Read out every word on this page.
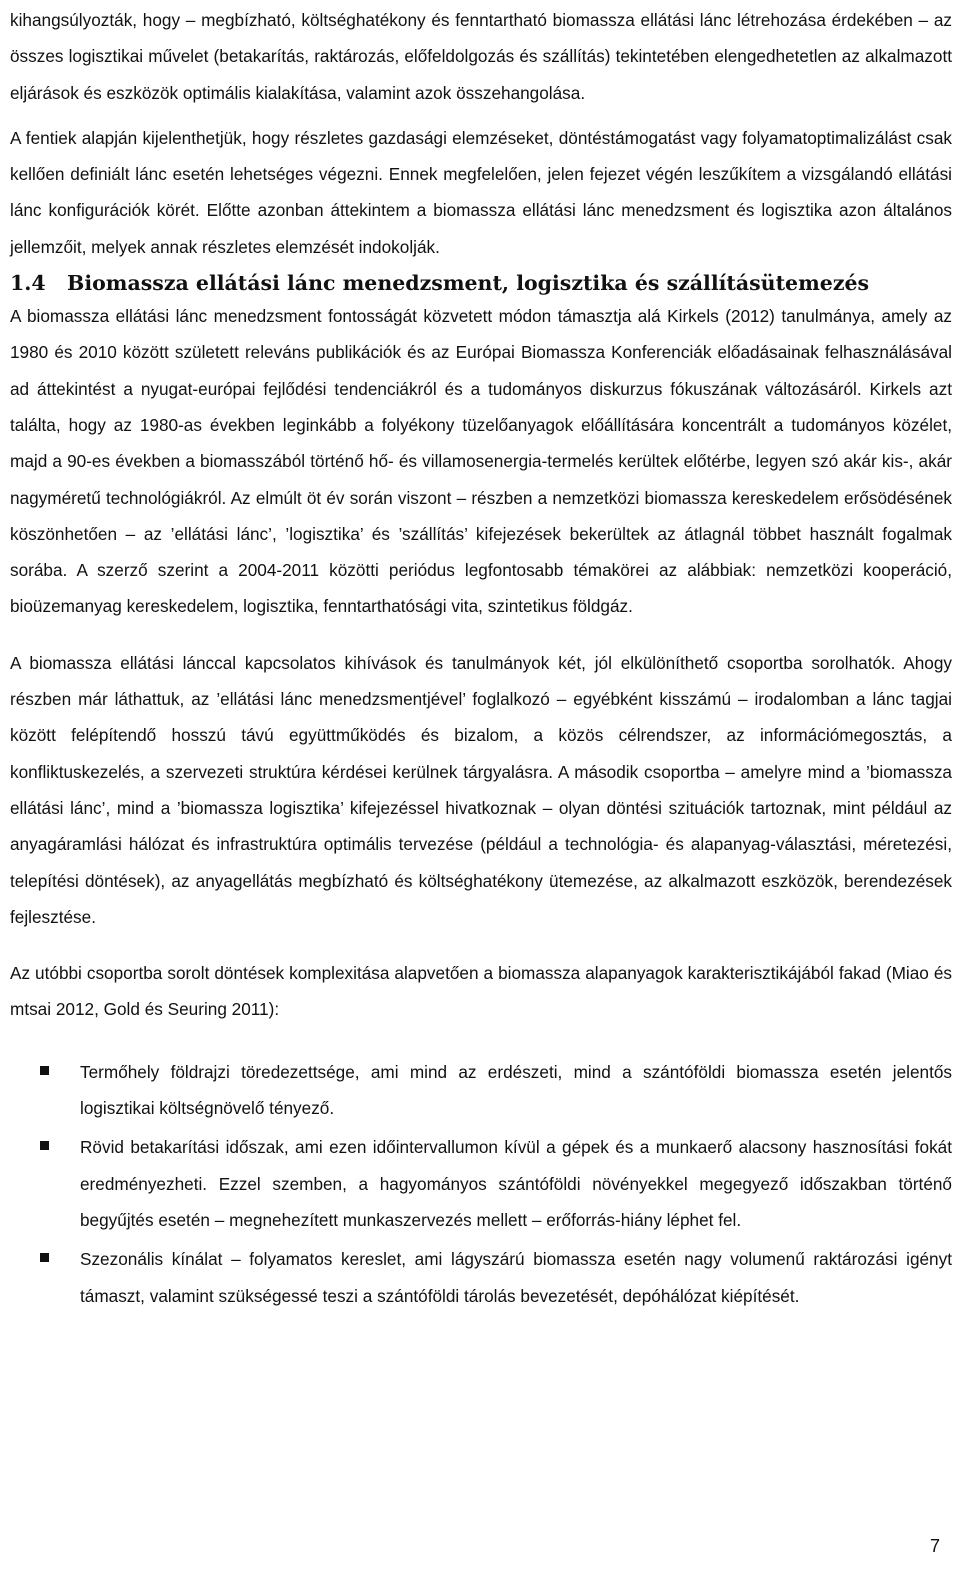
kihangsúlyozták, hogy – megbízható, költséghatékony és fenntartható biomassza ellátási lánc létrehozása érdekében – az összes logisztikai művelet (betakarítás, raktározás, előfeldolgozás és szállítás) tekintetében elengedhetetlen az alkalmazott eljárások és eszközök optimális kialakítása, valamint azok összehangolása.

A fentiek alapján kijelenthetjük, hogy részletes gazdasági elemzéseket, döntéstámogatást vagy folyamatoptimalizálást csak kellően definiált lánc esetén lehetséges végezni. Ennek megfelelően, jelen fejezet végén leszűkítem a vizsgálandó ellátási lánc konfigurációk körét. Előtte azonban áttekintem a biomassza ellátási lánc menedzsment és logisztika azon általános jellemzőit, melyek annak részletes elemzését indokolják.

1.4 Biomassza ellátási lánc menedzsment, logisztika és szállításütemezés

A biomassza ellátási lánc menedzsment fontosságát közvetett módon támasztja alá Kirkels (2012) tanulmánya, amely az 1980 és 2010 között született releváns publikációk és az Európai Biomassza Konferenciák előadásainak felhasználásával ad áttekintést a nyugat-európai fejlődési tendenciákról és a tudományos diskurzus fókuszának változásáról. Kirkels azt találta, hogy az 1980-as években leginkább a folyékony tüzelőanyagok előállítására koncentrált a tudományos közélet, majd a 90-es években a biomasszából történő hő- és villamosenergia-termelés kerültek előtérbe, legyen szó akár kis-, akár nagyméretű technológiákról. Az elmúlt öt év során viszont – részben a nemzetközi biomassza kereskedelem erősödésének köszönhetően – az ’ellátási lánc’, ’logisztika’ és ’szállítás’ kifejezések bekerültek az átlagnál többet használt fogalmak sorába. A szerző szerint a 2004-2011 közötti periódus legfontosabb témakörei az alábbiak: nemzetközi kooperáció, bioüzemanyag kereskedelem, logisztika, fenntarthatósági vita, szintetikus földgáz.

A biomassza ellátási lánccal kapcsolatos kihívások és tanulmányok két, jól elkülöníthető csoportba sorolhatók. Ahogy részben már láthattuk, az ’ellátási lánc menedzsmentjével’ foglalkozó – egyébként kisszámú – irodalomban a lánc tagjai között felépítendő hosszú távú együttműködés és bizalom, a közös célrendszer, az információmegosztás, a konfliktuskezelés, a szervezeti struktúra kérdései kerülnek tárgyalásra. A második csoportba – amelyre mind a ’biomassza ellátási lánc’, mind a ’biomassza logisztika’ kifejezéssel hivatkoznak – olyan döntési szituációk tartoznak, mint például az anyagáramlási hálózat és infrastruktúra optimális tervezése (például a technológia- és alapanyag-választási, méretezési, telepítési döntések), az anyagellátás megbízható és költséghatékony ütemezése, az alkalmazott eszközök, berendezések fejlesztése.

Az utóbbi csoportba sorolt döntések komplexitása alapvetően a biomassza alapanyagok karakterisztikájából fakad (Miao és mtsai 2012, Gold és Seuring 2011):

Termőhely földrajzi töredezettsége, ami mind az erdészeti, mind a szántóföldi biomassza esetén jelentős logisztikai költségnövelő tényező.

Rövid betakarítási időszak, ami ezen időintervallumon kívül a gépek és a munkaerő alacsony hasznosítási fokát eredményezheti. Ezzel szemben, a hagyományos szántóföldi növényekkel megegyező időszakban történő begyűjtés esetén – megnehezített munkaszervezés mellett – erőforrás-hiány léphet fel.

Szezonális kínálat – folyamatos kereslet, ami lágyszárú biomassza esetén nagy volumenű raktározási igényt támaszt, valamint szükségessé teszi a szántóföldi tárolás bevezetését, depóhálózat kiépítését.

7
